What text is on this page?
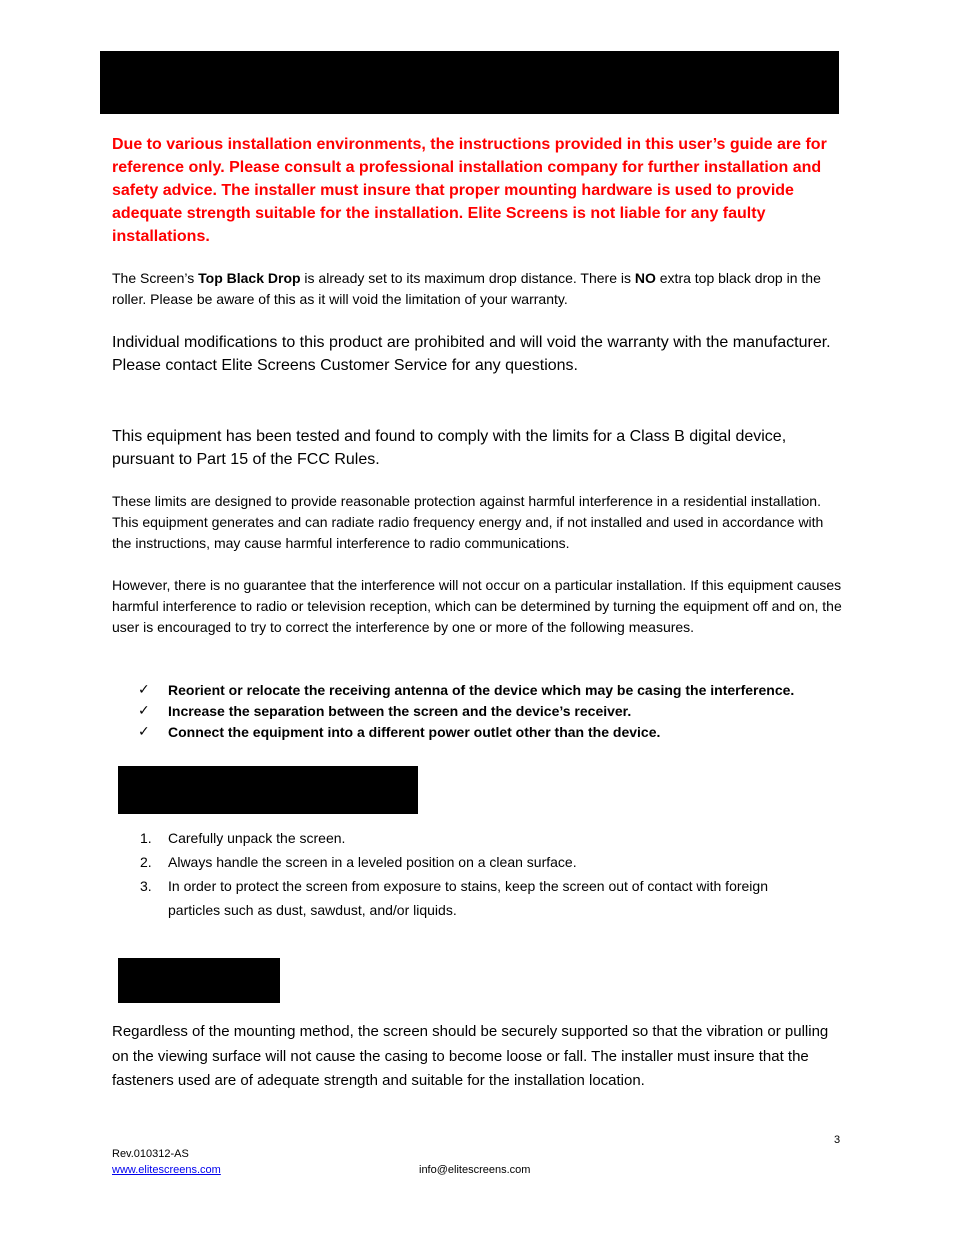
Due to various installation environments, the instructions provided in this user’s guide are for reference only. Please consult a professional installation company for further installation and safety advice. The installer must insure that proper mounting hardware is used to provide adequate strength suitable for the installation. Elite Screens is not liable for any faulty installations.
The Screen’s Top Black Drop is already set to its maximum drop distance. There is NO extra top black drop in the roller. Please be aware of this as it will void the limitation of your warranty.
Individual modifications to this product are prohibited and will void the warranty with the manufacturer. Please contact Elite Screens Customer Service for any questions.
This equipment has been tested and found to comply with the limits for a Class B digital device, pursuant to Part 15 of the FCC Rules.
These limits are designed to provide reasonable protection against harmful interference in a residential installation. This equipment generates and can radiate radio frequency energy and, if not installed and used in accordance with the instructions, may cause harmful interference to radio communications.
However, there is no guarantee that the interference will not occur on a particular installation. If this equipment causes harmful interference to radio or television reception, which can be determined by turning the equipment off and on, the user is encouraged to try to correct the interference by one or more of the following measures.
✓	Reorient or relocate the receiving antenna of the device which may be casing the interference.
✓	Increase the separation between the screen and the device’s receiver.
✓	Connect the equipment into a different power outlet other than the device.
1.	Carefully unpack the screen.
2.	Always handle the screen in a leveled position on a clean surface.
3.	In order to protect the screen from exposure to stains, keep the screen out of contact with foreign particles such as dust, sawdust, and/or liquids.
Regardless of the mounting method, the screen should be securely supported so that the vibration or pulling on the viewing surface will not cause the casing to become loose or fall. The installer must insure that the fasteners used are of adequate strength and suitable for the installation location.
3
Rev.010312-AS
www.elitescreens.com	info@elitescreens.com
